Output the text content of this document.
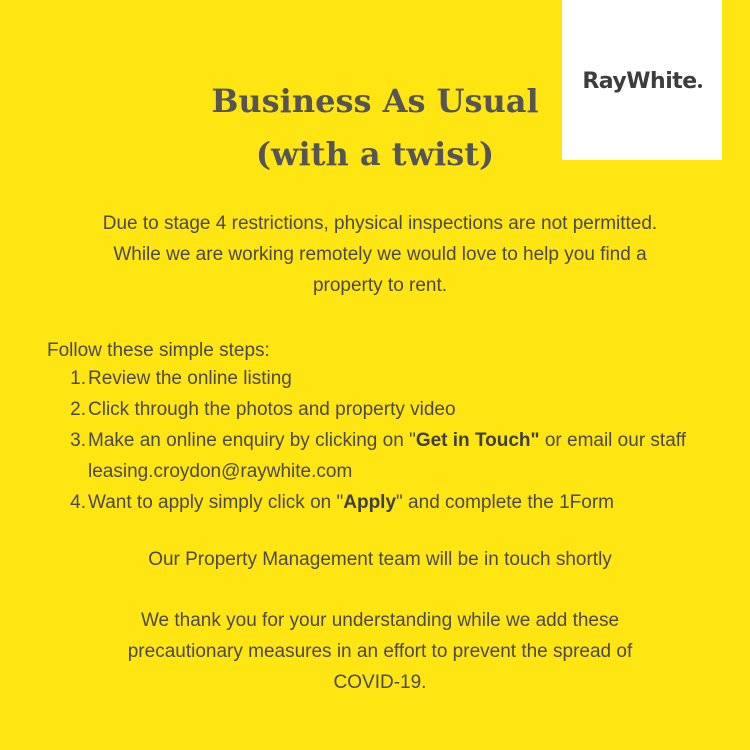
RayWhite
Business As Usual
(with a twist)
Due to stage 4 restrictions, physical inspections are not permitted.
While we are working remotely we would love to help you find a
property to rent.
Follow these simple steps:
1. Review the online listing
2. Click through the photos and property video
3. Make an online enquiry by clicking on "Get in Touch" or email our staff leasing.croydon@raywhite.com
4. Want to apply simply click on "Apply" and complete the 1Form
Our Property Management team will be in touch shortly
We thank you for your understanding while we add these
precautionary measures in an effort to prevent the spread of
COVID-19.
